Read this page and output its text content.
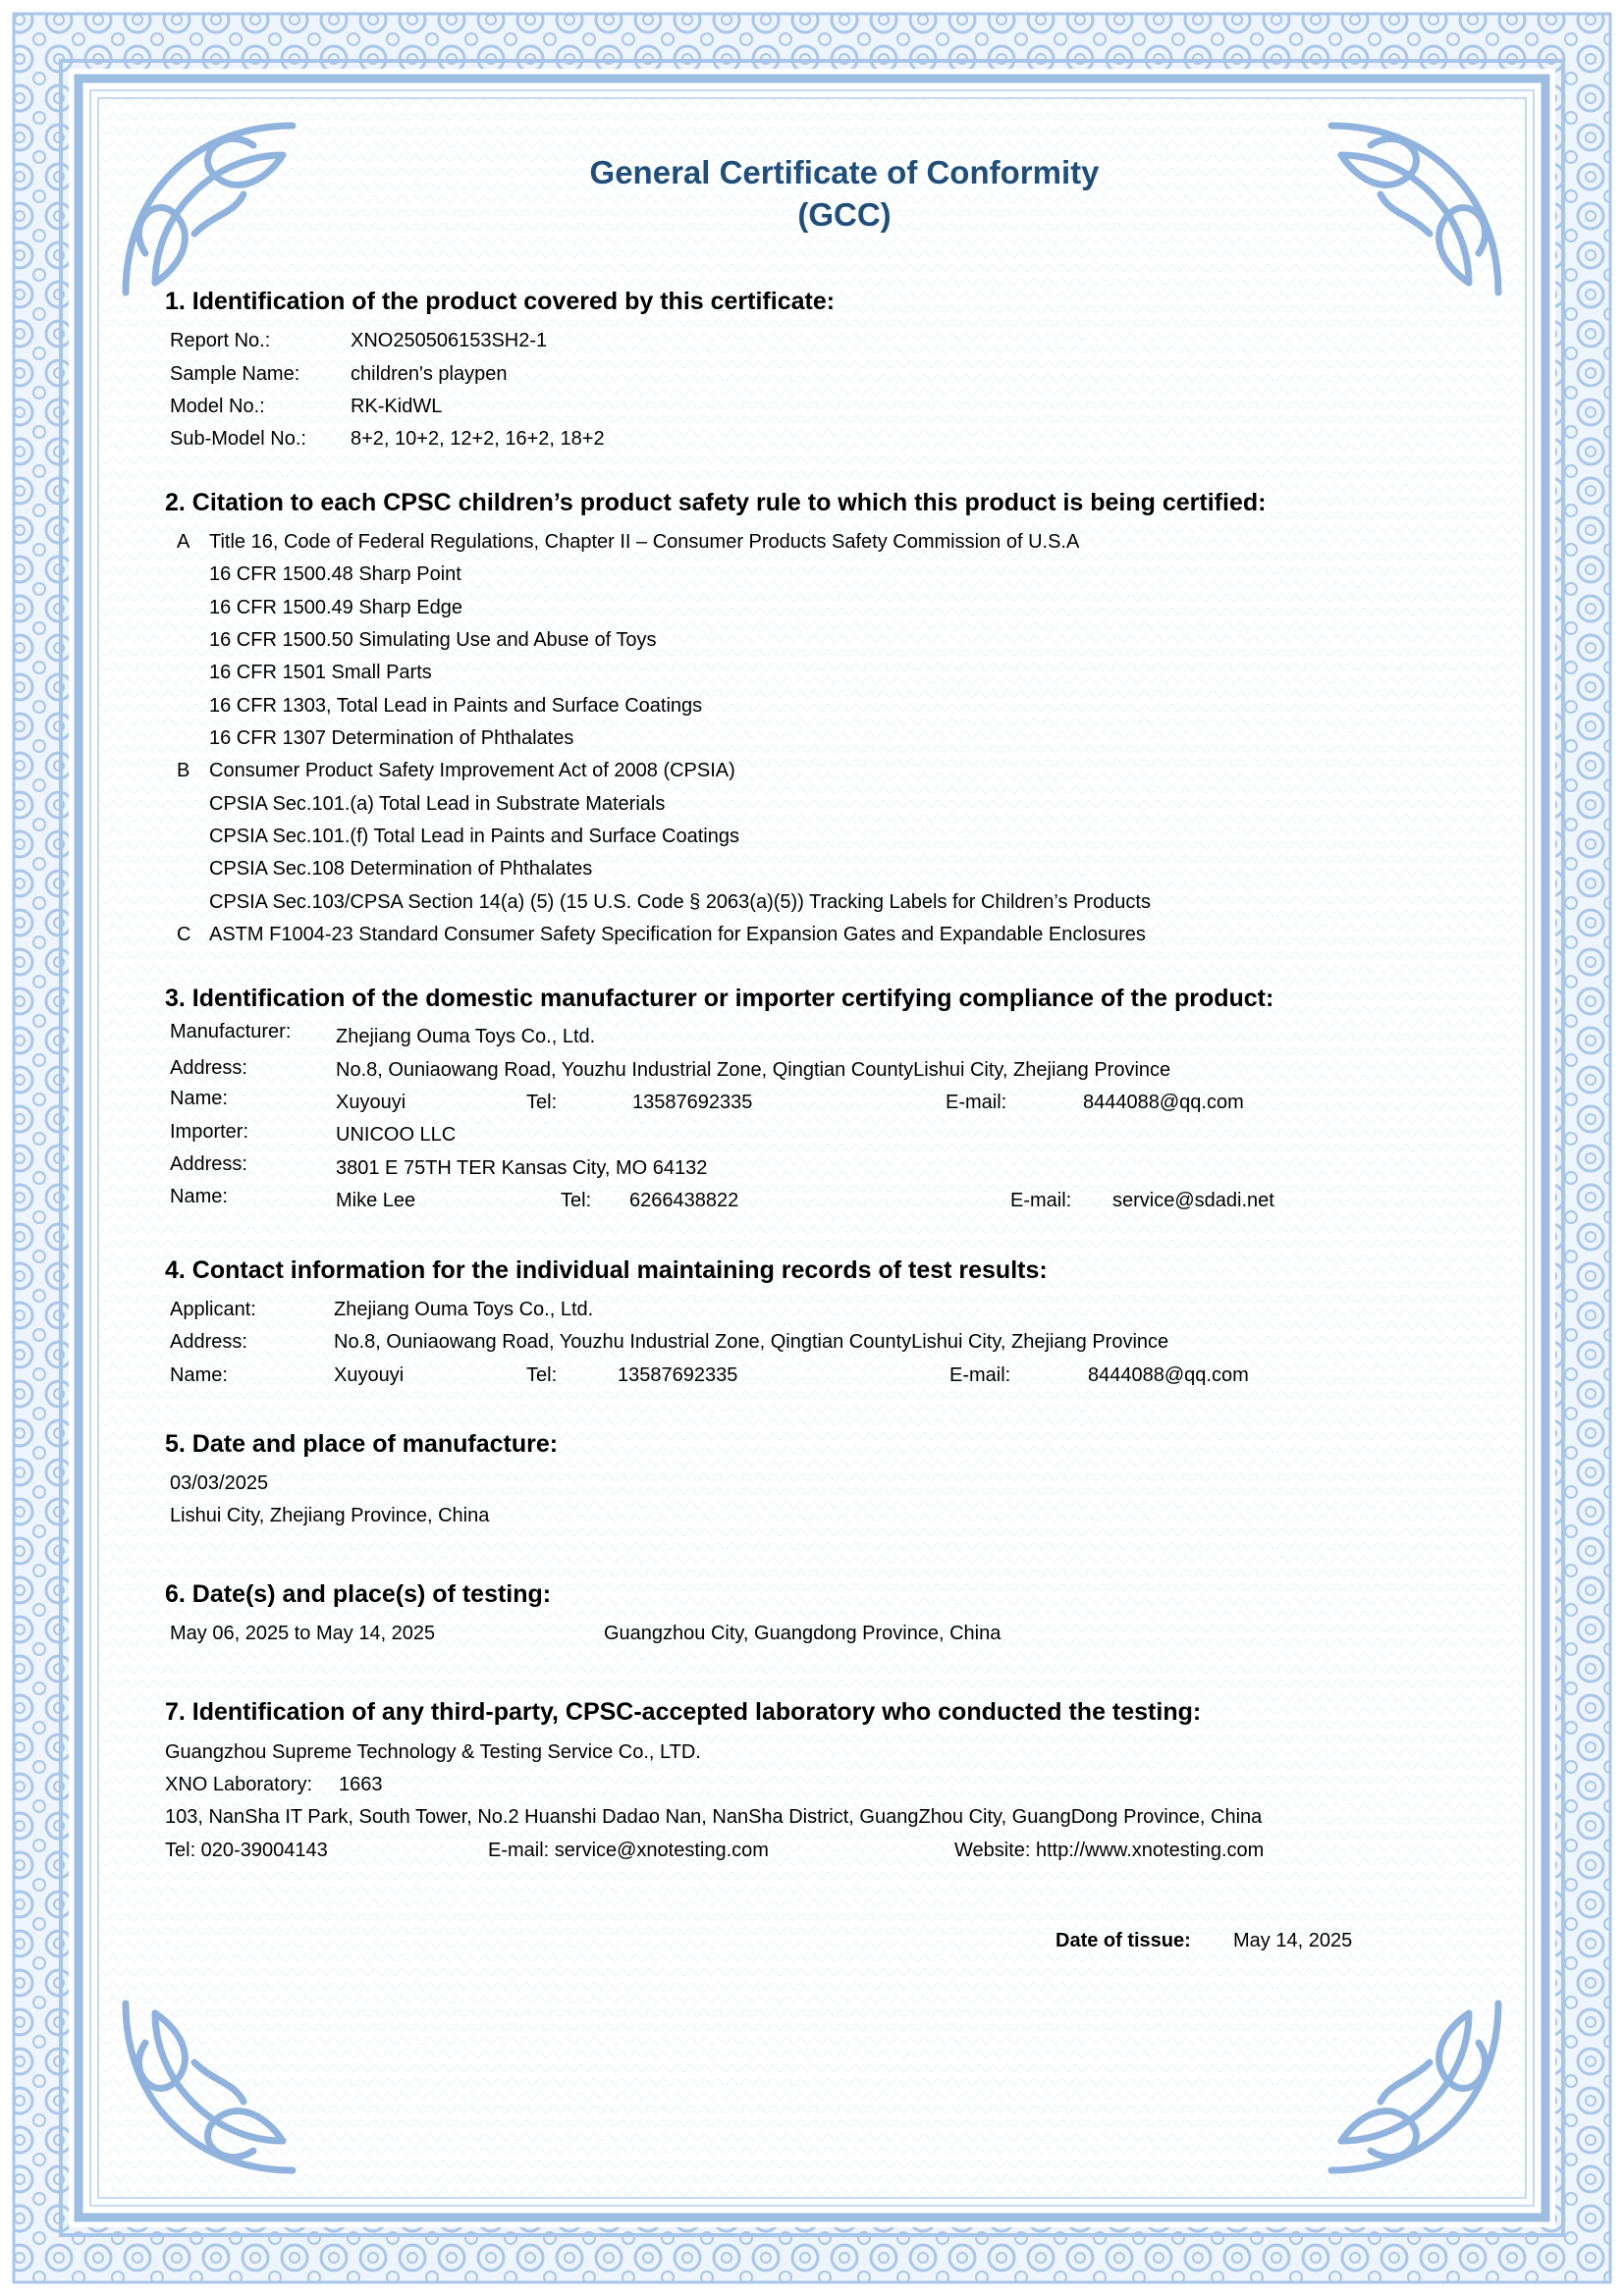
General Certificate of Conformity
(GCC)
1. Identification of the product covered by this certificate:
Report No.:	XNO250506153SH2-1
Sample Name:	children's playpen
Model No.:	RK-KidWL
Sub-Model No.: 8+2, 10+2, 12+2, 16+2, 18+2
2. Citation to each CPSC children’s product safety rule to which this product is being certified:
A Title 16, Code of Federal Regulations, Chapter II – Consumer Products Safety Commission of U.S.A
16 CFR 1500.48 Sharp Point
16 CFR 1500.49 Sharp Edge
16 CFR 1500.50 Simulating Use and Abuse of Toys
16 CFR 1501 Small Parts
16 CFR 1303, Total Lead in Paints and Surface Coatings
16 CFR 1307 Determination of Phthalates
B Consumer Product Safety Improvement Act of 2008 (CPSIA)
CPSIA Sec.101.(a) Total Lead in Substrate Materials
CPSIA Sec.101.(f) Total Lead in Paints and Surface Coatings
CPSIA Sec.108 Determination of Phthalates
CPSIA Sec.103/CPSA Section 14(a) (5) (15 U.S. Code § 2063(a)(5)) Tracking Labels for Children’s Products
C ASTM F1004-23 Standard Consumer Safety Specification for Expansion Gates and Expandable Enclosures
3. Identification of the domestic manufacturer or importer certifying compliance of the product:
Manufacturer: Zhejiang Ouma Toys Co., Ltd.
Address:	No.8, Ouniaowang Road, Youzhu Industrial Zone, Qingtian CountyLishui City, Zhejiang Province
Name:	Xuyouyi	Tel:	13587692335	E-mail:	8444088@qq.com
Importer:	UNICOO LLC
Address:	3801 E 75TH TER Kansas City, MO 64132
Name:	Mike Lee	Tel: 6266438822	E-mail: service@sdadi.net
4. Contact information for the individual maintaining records of test results:
Applicant:	Zhejiang Ouma Toys Co., Ltd.
Address:	No.8, Ouniaowang Road, Youzhu Industrial Zone, Qingtian CountyLishui City, Zhejiang Province
Name:	Xuyouyi	Tel:	13587692335	E-mail:	8444088@qq.com
5. Date and place of manufacture:
03/03/2025
Lishui City, Zhejiang Province, China
6. Date(s) and place(s) of testing:
May 06, 2025 to May 14, 2025	Guangzhou City, Guangdong Province, China
7. Identification of any third-party, CPSC-accepted laboratory who conducted the testing:
Guangzhou Supreme Technology & Testing Service Co., LTD.
XNO Laboratory: 1663
103, NanSha IT Park, South Tower, No.2 Huanshi Dadao Nan, NanSha District, GuangZhou City, GuangDong Province, China
Tel: 020-39004143	E-mail: service@xnotesting.com	Website: http://www.xnotesting.com
Date of tissue: May 14, 2025
